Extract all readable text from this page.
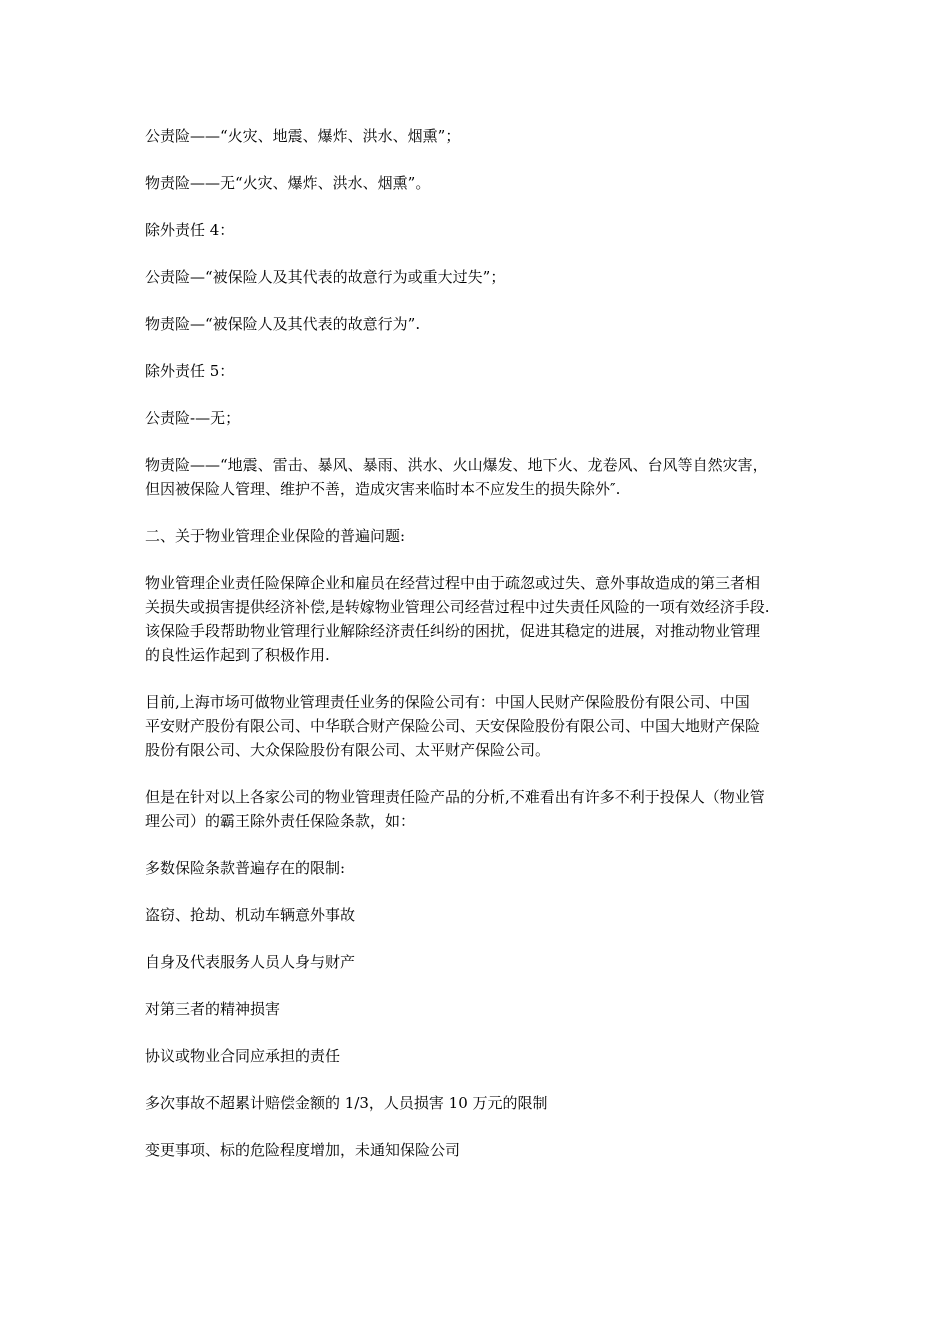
公责险——“火灾、地震、爆炸、洪水、烟熏”；

物责险——无“火灾、爆炸、洪水、烟熏”。

除外责任 4：

公责险—“被保险人及其代表的故意行为或重大过失”；

物责险—“被保险人及其代表的故意行为”.

除外责任 5：

公责险-—无；

物责险——“地震、雷击、暴风、暴雨、洪水、火山爆发、地下火、龙卷风、台风等自然灾害，
但因被保险人管理、维护不善，造成灾害来临时本不应发生的损失除外″.

二、关于物业管理企业保险的普遍问题:

物业管理企业责任险保障企业和雇员在经营过程中由于疏忽或过失、意外事故造成的第三者相
关损失或损害提供经济补偿,是转嫁物业管理公司经营过程中过失责任风险的一项有效经济手段.
该保险手段帮助物业管理行业解除经济责任纠纷的困扰，促进其稳定的进展，对推动物业管理
的良性运作起到了积极作用.

目前,上海市场可做物业管理责任业务的保险公司有：中国人民财产保险股份有限公司、中国
平安财产股份有限公司、中华联合财产保险公司、天安保险股份有限公司、中国大地财产保险
股份有限公司、大众保险股份有限公司、太平财产保险公司。

但是在针对以上各家公司的物业管理责任险产品的分析,不难看出有许多不利于投保人（物业管
理公司）的霸王除外责任保险条款，如：

多数保险条款普遍存在的限制:

盗窃、抢劫、机动车辆意外事故

自身及代表服务人员人身与财产

对第三者的精神损害

协议或物业合同应承担的责任

多次事故不超累计赔偿金额的 1/3，人员损害 10 万元的限制

变更事项、标的危险程度增加，未通知保险公司
